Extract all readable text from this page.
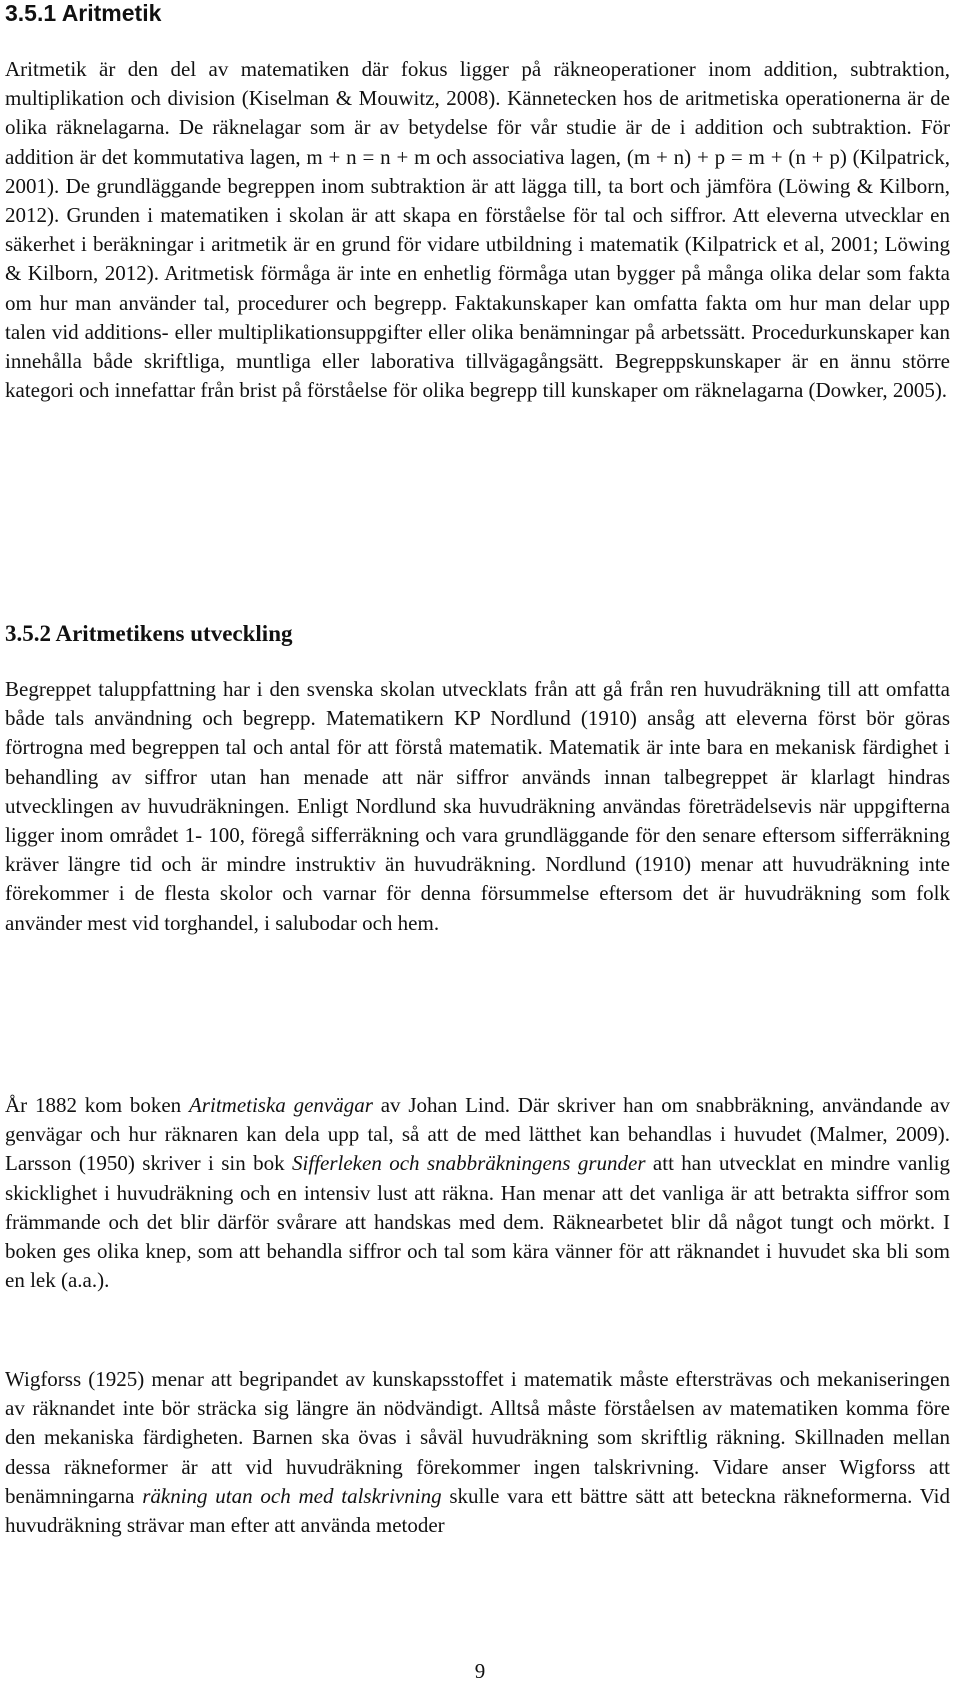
3.5.1 Aritmetik

Aritmetik är den del av matematiken där fokus ligger på räkneoperationer inom addition, subtraktion, multiplikation och division (Kiselman & Mouwitz, 2008). Kännetecken hos de aritmetiska operationerna är de olika räknelagarna. De räknelagar som är av betydelse för vår studie är de i addition och subtraktion. För addition är det kommutativa lagen, m + n = n + m och associativa lagen, (m + n) + p = m + (n + p) (Kilpatrick, 2001). De grundläggande begreppen inom subtraktion är att lägga till, ta bort och jämföra (Löwing & Kilborn, 2012). Grunden i matematiken i skolan är att skapa en förståelse för tal och siffror. Att eleverna utvecklar en säkerhet i beräkningar i aritmetik är en grund för vidare utbildning i matematik (Kilpatrick et al, 2001; Löwing & Kilborn, 2012). Aritmetisk förmåga är inte en enhetlig förmåga utan bygger på många olika delar som fakta om hur man använder tal, procedurer och begrepp. Faktakunskaper kan omfatta fakta om hur man delar upp talen vid additions- eller multiplikationsuppgifter eller olika benämningar på arbetssätt. Procedurkunskaper kan innehålla både skriftliga, muntliga eller laborativa tillvägagångsätt. Begreppskunskaper är en ännu större kategori och innefattar från brist på förståelse för olika begrepp till kunskaper om räknelagarna (Dowker, 2005).

3.5.2 Aritmetikens utveckling

Begreppet taluppfattning har i den svenska skolan utvecklats från att gå från ren huvudräkning till att omfatta både tals användning och begrepp. Matematikern KP Nordlund (1910) ansåg att eleverna först bör göras förtrogna med begreppen tal och antal för att förstå matematik. Matematik är inte bara en mekanisk färdighet i behandling av siffror utan han menade att när siffror används innan talbegreppet är klarlagt hindras utvecklingen av huvudräkningen. Enligt Nordlund ska huvudräkning användas företrädelsevis när uppgifterna ligger inom området 1- 100, föregå sifferräkning och vara grundläggande för den senare eftersom sifferräkning kräver längre tid och är mindre instruktiv än huvudräkning. Nordlund (1910) menar att huvudräkning inte förekommer i de flesta skolor och varnar för denna försummelse eftersom det är huvudräkning som folk använder mest vid torghandel, i salubodar och hem.

År 1882 kom boken Aritmetiska genvägar av Johan Lind. Där skriver han om snabbräkning, användande av genvägar och hur räknaren kan dela upp tal, så att de med lätthet kan behandlas i huvudet (Malmer, 2009). Larsson (1950) skriver i sin bok Sifferleken och snabbräkningens grunder att han utvecklat en mindre vanlig skicklighet i huvudräkning och en intensiv lust att räkna. Han menar att det vanliga är att betrakta siffror som främmande och det blir därför svårare att handskas med dem. Räknearbetet blir då något tungt och mörkt. I boken ges olika knep, som att behandla siffror och tal som kära vänner för att räknandet i huvudet ska bli som en lek (a.a.).

Wigforss (1925) menar att begripandet av kunskapsstoffet i matematik måste eftersträvas och mekaniseringen av räknandet inte bör sträcka sig längre än nödvändigt. Alltså måste förståelsen av matematiken komma före den mekaniska färdigheten. Barnen ska övas i såväl huvudräkning som skriftlig räkning. Skillnaden mellan dessa räkneformer är att vid huvudräkning förekommer ingen talskrivning. Vidare anser Wigforss att benämningarna räkning utan och med talskrivning skulle vara ett bättre sätt att beteckna räkneformerna. Vid huvudräkning strävar man efter att använda metoder

9
